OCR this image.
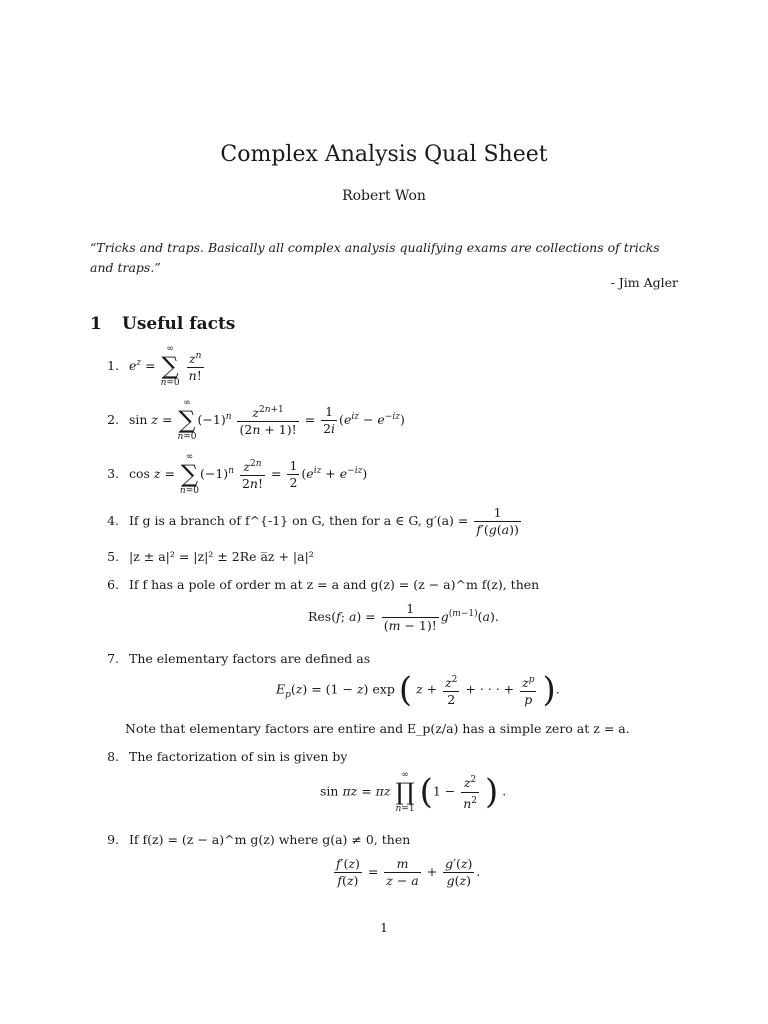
Complex Analysis Qual Sheet
Robert Won
“Tricks and traps. Basically all complex analysis qualifying exams are collections of tricks and traps.”
- Jim Agler
1 Useful facts
1. $e^z$ =
∞
∑
n=0
$\frac{z^n}{n!}$
2. sin z =
∞
∑
n=0
$(-1)^n \frac{z^{2n+1}}{(2n + 1)!} = \frac{1}{2i} (e^{iz} - e^{-iz})$
3. cos z =
∞
∑
n=0
$(-1)^n \frac{z^{2n}}{2n!} = \frac{1}{2} (e^{iz} + e^{-iz})$
4. If g is a branch of f^{-1} on G, then for a ∈ G, $g'(a) = \frac{1}{f'(g(a))}$
5. |z ± a|² = |z|² ± 2Re a̅z + |a|²
6. If f has a pole of order m at z = a and g(z) = (z − a)^m f(z), then
Res(f; $a) = \frac{1}{(m - 1)!} g^{(m-1)}(a)$.
7. The elementary factors are defined as
$E_p(z) = (1 - z)$ exp ( $z + \frac{z^2}{2}$ + · · · + $\frac{z^p}{p}$ ).
Note that elementary factors are entire and E_p(z/a) has a simple zero at z = a.
8. The factorization of sin is given by
sin πz = πz
∞
∏
n=1 ($1 - \frac{z^2}{n^2}$ ) .
9. If f(z) = (z − a)^m g(z) where g(a) ≠ 0, then
$\frac{f'(z)}{f(z)} = \frac{m}{z - a} + \frac{g'(z)}{g(z)}$ .
1
